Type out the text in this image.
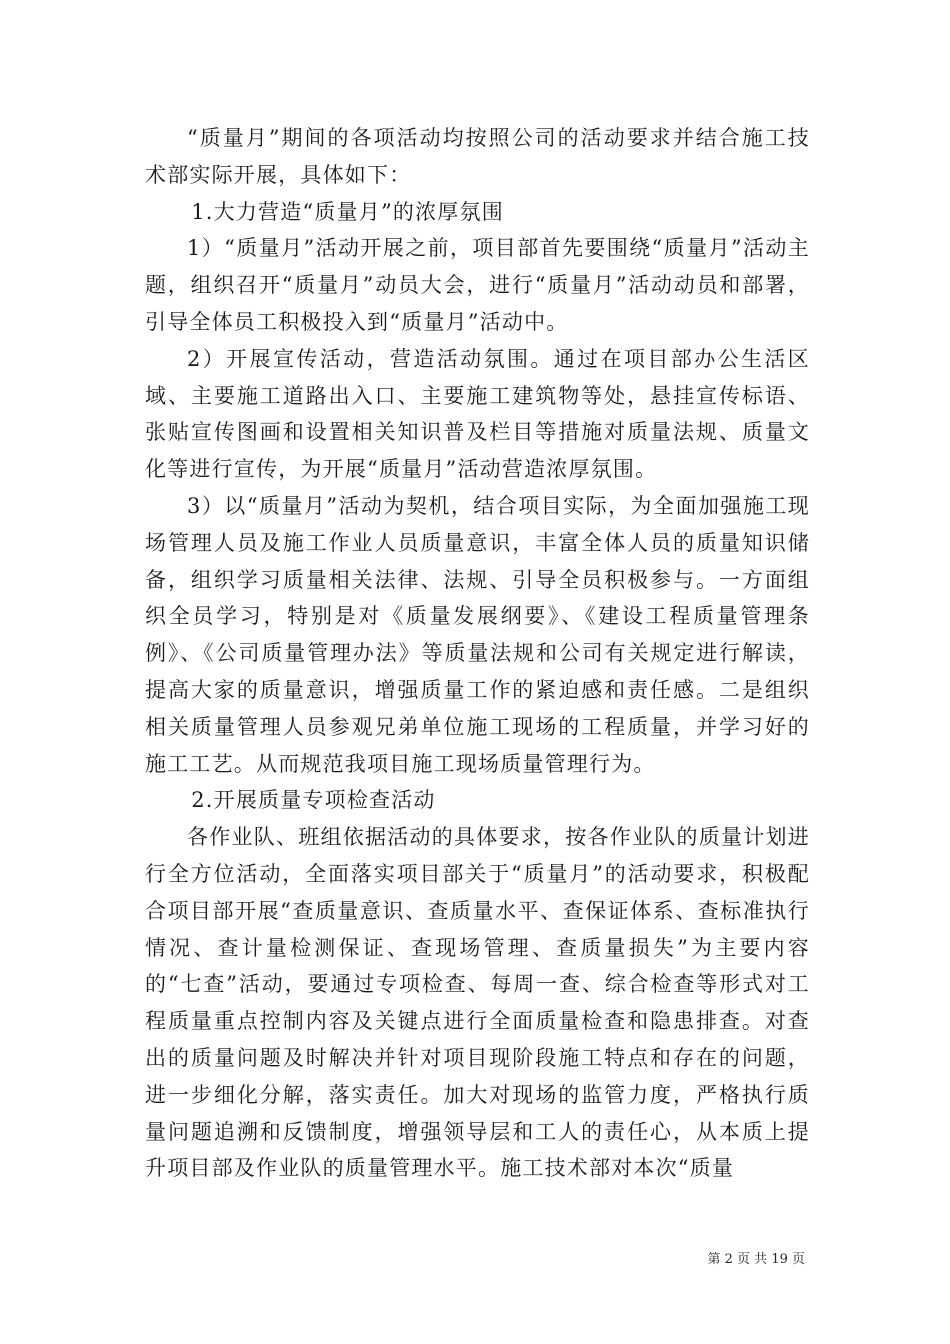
“质量月”期间的各项活动均按照公司的活动要求并结合施工技术部实际开展，具体如下：

1.大力营造“质量月”的浓厚氛围

1）“质量月”活动开展之前，项目部首先要围绕“质量月”活动主题，组织召开“质量月”动员大会，进行“质量月”活动动员和部署，引导全体员工积极投入到“质量月”活动中。

2）开展宣传活动，营造活动氛围。通过在项目部办公生活区域、主要施工道路出入口、主要施工建筑物等处，悬挂宣传标语、张贴宣传图画和设置相关知识普及栏目等措施对质量法规、质量文化等进行宣传，为开展“质量月”活动营造浓厚氛围。

3）以“质量月”活动为契机，结合项目实际，为全面加强施工现场管理人员及施工作业人员质量意识，丰富全体人员的质量知识储备，组织学习质量相关法律、法规、引导全员积极参与。一方面组织全员学习，特别是对《质量发展纲要》、《建设工程质量管理条例》、《公司质量管理办法》等质量法规和公司有关规定进行解读，提高大家的质量意识，增强质量工作的紧迫感和责任感。二是组织相关质量管理人员参观兄弟单位施工现场的工程质量，并学习好的施工工艺。从而规范我项目施工现场质量管理行为。

2.开展质量专项检查活动

各作业队、班组依据活动的具体要求，按各作业队的质量计划进行全方位活动，全面落实项目部关于“质量月”的活动要求，积极配合项目部开展“查质量意识、查质量水平、查保证体系、查标准执行情况、查计量检测保证、查现场管理、查质量损失”为主要内容的“七查”活动，要通过专项检查、每周一查、综合检查等形式对工程质量重点控制内容及关键点进行全面质量检查和隐患排查。对查出的质量问题及时解决并针对项目现阶段施工特点和存在的问题，进一步细化分解，落实责任。加大对现场的监管力度，严格执行质量问题追溯和反馈制度，增强领导层和工人的责任心，从本质上提升项目部及作业队的质量管理水平。施工技术部对本次“质量

第 2 页 共 19 页
